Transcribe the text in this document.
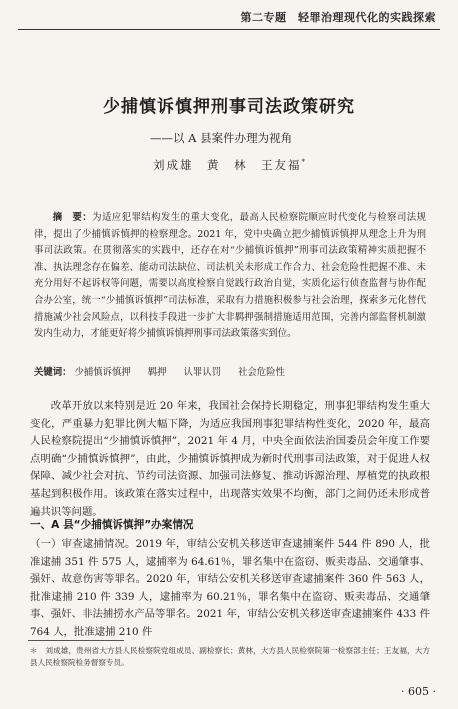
第二专题　轻罪治理现代化的实践探索
少捕慎诉慎押刑事司法政策研究
——以 A 县案件办理为视角
刘成雄　黄　林　王友福*
摘　要：为适应犯罪结构发生的重大变化，最高人民检察院顺应时代变化与检察司法规律，提出了少捕慎诉慎押的检察理念。2021 年，党中央确立把少捕慎诉慎押从理念上升为刑事司法政策。在贯彻落实的实践中，还存在对“少捕慎诉慎押”刑事司法政策精神实质把握不准、执法理念存在偏差、能动司法缺位、司法机关未形成工作合力、社会危险性把握不准、未充分用好不起诉权等问题，需要以高度检察自觉践行政治自觉，实质化运行侦查监督与协作配合办公室，统一“少捕慎诉慎押”司法标准，采取有力措施积极参与社会治理，探索多元化替代措施减少社会风险点，以科技手段进一步扩大非羁押强制措施适用范围，完善内部监督机制激发内生动力，才能更好将少捕慎诉慎押刑事司法政策落实到位。
关键词： 少捕慎诉慎押 羁押 认罪认罚 社会危险性
改革开放以来特别是近 20 年来，我国社会保持长期稳定，刑事犯罪结构发生重大变化，严重暴力犯罪比例大幅下降，为适应我国刑事犯罪结构性变化，2020 年，最高人民检察院提出“少捕慎诉慎押”，2021 年 4 月，中央全面依法治国委员会年度工作要点明确“少捕慎诉慎押”，由此，少捕慎诉慎押成为新时代刑事司法政策，对于促进人权保障、减少社会对抗、节约司法资源、加强司法修复、推动诉源治理、厚植党的执政根基起到积极作用。该政策在落实过程中，出现落实效果不均衡，部门之间仍还未形成普遍共识等问题。
一、A 县“少捕慎诉慎押”办案情况
（一）审查逮捕情况。2019 年，审结公安机关移送审查逮捕案件 544 件 890 人，批准逮捕 351 件 575 人，逮捕率为 64.61％，罪名集中在盗窃、贩卖毒品、交通肇事、强奸、故意伤害等罪名。2020 年，审结公安机关移送审查逮捕案件 360 件 563 人，批准逮捕 210 件 339 人，逮捕率为 60.21％，罪名集中在盗窃、贩卖毒品、交通肇事、强奸、非法捕捞水产品等罪名。2021 年，审结公安机关移送审查逮捕案件 433 件 764 人，批准逮捕 210 件
＊　刘成雄，贵州省大方县人民检察院党组成员、副检察长；黄林，大方县人民检察院第一检察部主任；王友福，大方县人民检察院检务督察专员。
· 605 ·
